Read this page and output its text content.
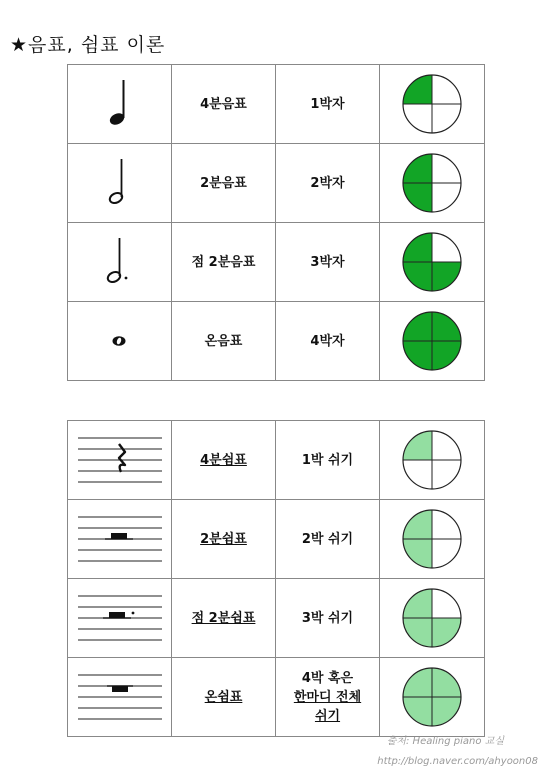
★음표, 쉼표 이론
	4분음표	1박자	

	2분음표	2박자	

	점 2분음표	3박자	

	온음표	4박자	
	4분쉼표	1박 쉬기	

	2분쉼표	2박 쉬기	

	점 2분쉼표	3박 쉬기	

	온쉼표	4박 혹은
한마디 전체
쉬기

출처: Healing piano 교실
http://blog.naver.com/ahyoon08
